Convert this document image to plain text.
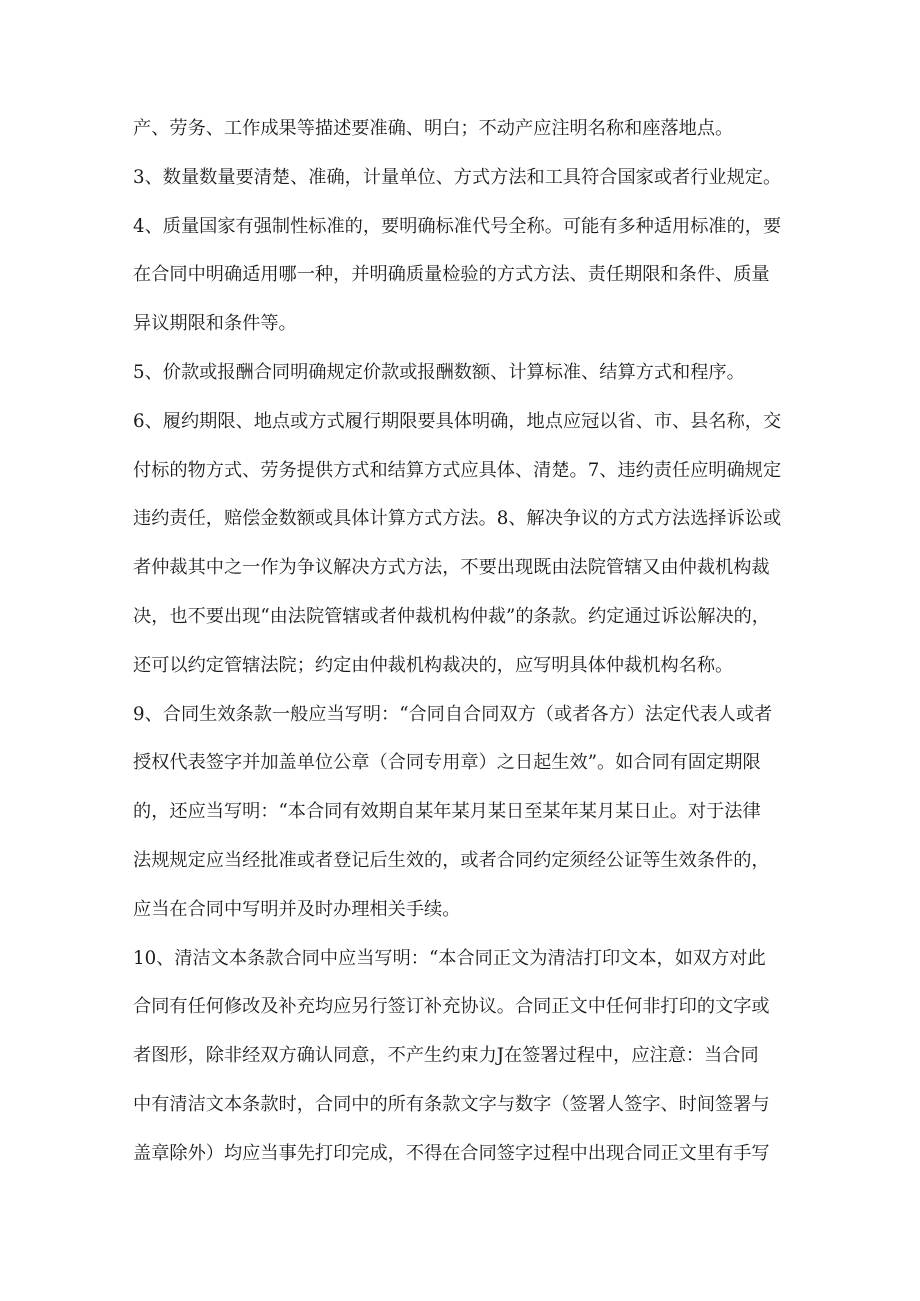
产、劳务、工作成果等描述要准确、明白；不动产应注明名称和座落地点。
3、数量数量要清楚、准确，计量单位、方式方法和工具符合国家或者行业规定。
4、质量国家有强制性标准的，要明确标准代号全称。可能有多种适用标准的，要
在合同中明确适用哪一种，并明确质量检验的方式方法、责任期限和条件、质量
异议期限和条件等。
5、价款或报酬合同明确规定价款或报酬数额、计算标准、结算方式和程序。
6、履约期限、地点或方式履行期限要具体明确，地点应冠以省、市、县名称，交
付标的物方式、劳务提供方式和结算方式应具体、清楚。7、违约责任应明确规定
违约责任，赔偿金数额或具体计算方式方法。8、解决争议的方式方法选择诉讼或
者仲裁其中之一作为争议解决方式方法，不要出现既由法院管辖又由仲裁机构裁
决，也不要出现“由法院管辖或者仲裁机构仲裁”的条款。约定通过诉讼解决的，
还可以约定管辖法院；约定由仲裁机构裁决的，应写明具体仲裁机构名称。
9、合同生效条款一般应当写明：“合同自合同双方（或者各方）法定代表人或者
授权代表签字并加盖单位公章（合同专用章）之日起生效”。如合同有固定期限
的，还应当写明：“本合同有效期自某年某月某日至某年某月某日止。对于法律
法规规定应当经批准或者登记后生效的，或者合同约定须经公证等生效条件的，
应当在合同中写明并及时办理相关手续。
10、清洁文本条款合同中应当写明：“本合同正文为清洁打印文本，如双方对此
合同有任何修改及补充均应另行签订补充协议。合同正文中任何非打印的文字或
者图形，除非经双方确认同意，不产生约束力J在签署过程中，应注意：当合同
中有清洁文本条款时，合同中的所有条款文字与数字（签署人签字、时间签署与
盖章除外）均应当事先打印完成，不得在合同签字过程中出现合同正文里有手写
